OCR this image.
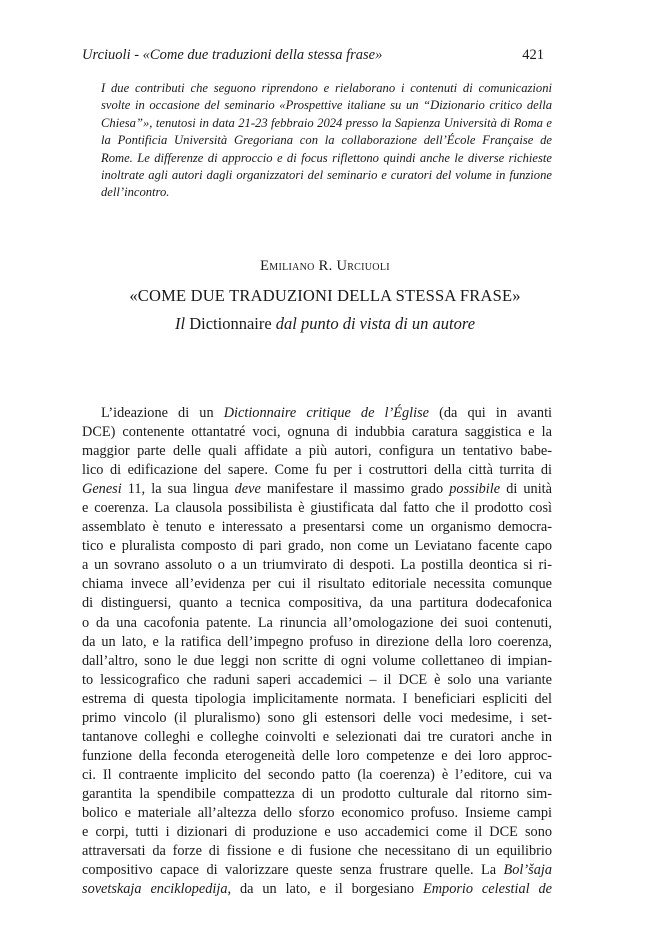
Urciuoli - «Come due traduzioni della stessa frase»	421
I due contributi che seguono riprendono e rielaborano i contenuti di comunicazioni svolte in occasione del seminario «Prospettive italiane su un “Dizionario critico della Chiesa”», tenutosi in data 21-23 febbraio 2024 presso la Sapienza Università di Roma e la Pontificia Università Gregoriana con la collaborazione dell’École Française de Rome. Le differenze di approccio e di focus riflettono quindi anche le diverse richieste inoltrate agli autori dagli organizzatori del seminario e curatori del volume in funzione dell’incontro.
Emiliano R. Urciuoli
«COME DUE TRADUZIONI DELLA STESSA FRASE»
Il Dictionnaire dal punto di vista di un autore
L’ideazione di un Dictionnaire critique de l’Église (da qui in avanti
DCE) contenente ottantatré voci, ognuna di indubbia caratura saggistica e la
maggior parte delle quali affidate a più autori, configura un tentativo babe-
lico di edificazione del sapere. Come fu per i costruttori della città turrita di
Genesi 11, la sua lingua deve manifestare il massimo grado possibile di unità
e coerenza. La clausola possibilista è giustificata dal fatto che il prodotto così
assemblato è tenuto e interessato a presentarsi come un organismo democra-
tico e pluralista composto di pari grado, non come un Leviatano facente capo
a un sovrano assoluto o a un triumvirato di despoti. La postilla deontica si ri-
chiama invece all’evidenza per cui il risultato editoriale necessita comunque
di distinguersi, quanto a tecnica compositiva, da una partitura dodecafonica
o da una cacofonia patente. La rinuncia all’omologazione dei suoi contenuti,
da un lato, e la ratifica dell’impegno profuso in direzione della loro coerenza,
dall’altro, sono le due leggi non scritte di ogni volume collettaneo di impian-
to lessicografico che raduni saperi accademici – il DCE è solo una variante
estrema di questa tipologia implicitamente normata. I beneficiari espliciti del
primo vincolo (il pluralismo) sono gli estensori delle voci medesime, i set-
tantanove colleghi e colleghe coinvolti e selezionati dai tre curatori anche in
funzione della feconda eterogeneità delle loro competenze e dei loro approc-
ci. Il contraente implicito del secondo patto (la coerenza) è l’editore, cui va
garantita la spendibile compattezza di un prodotto culturale dal ritorno sim-
bolico e materiale all’altezza dello sforzo economico profuso. Insieme campi
e corpi, tutti i dizionari di produzione e uso accademici come il DCE sono
attraversati da forze di fissione e di fusione che necessitano di un equilibrio
compositivo capace di valorizzare queste senza frustrare quelle. La Bol’šaja
sovetskaja enciklopedija, da un lato, e il borgesiano Emporio celestial de
